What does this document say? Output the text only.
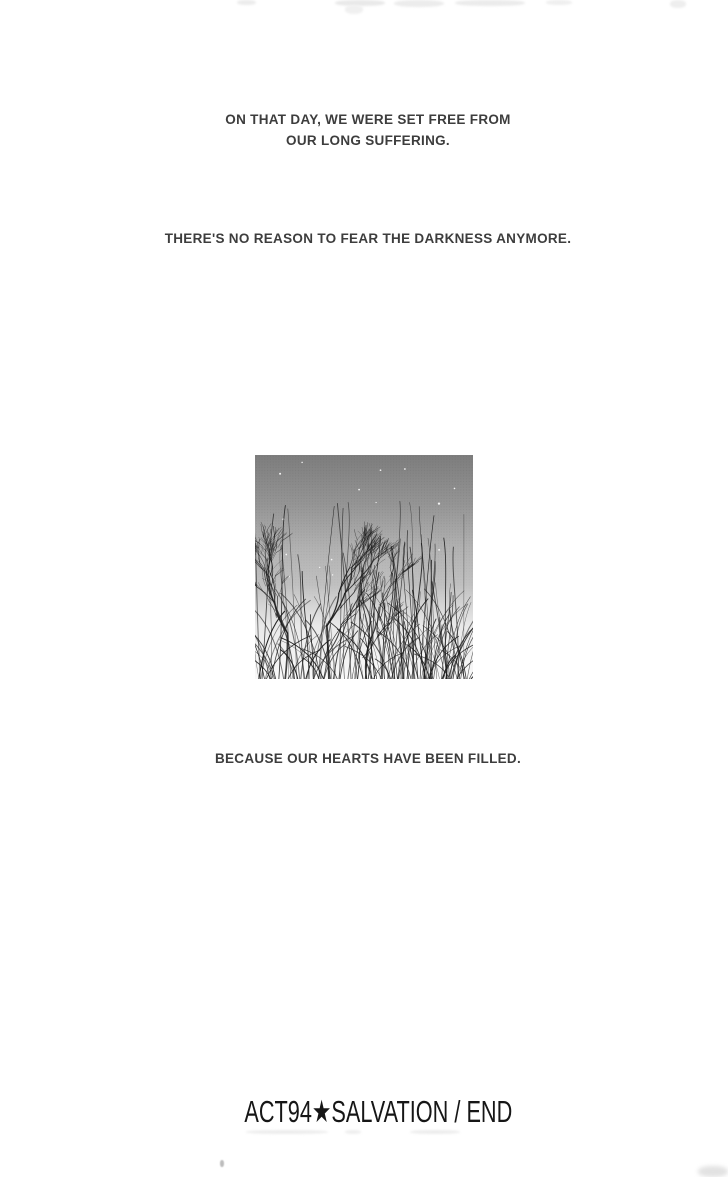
ON THAT DAY, WE WERE SET FREE FROM
OUR LONG SUFFERING.
THERE'S NO REASON TO FEAR THE DARKNESS ANYMORE.
BECAUSE OUR HEARTS HAVE BEEN FILLED.
ACT94★SALVATION / END
